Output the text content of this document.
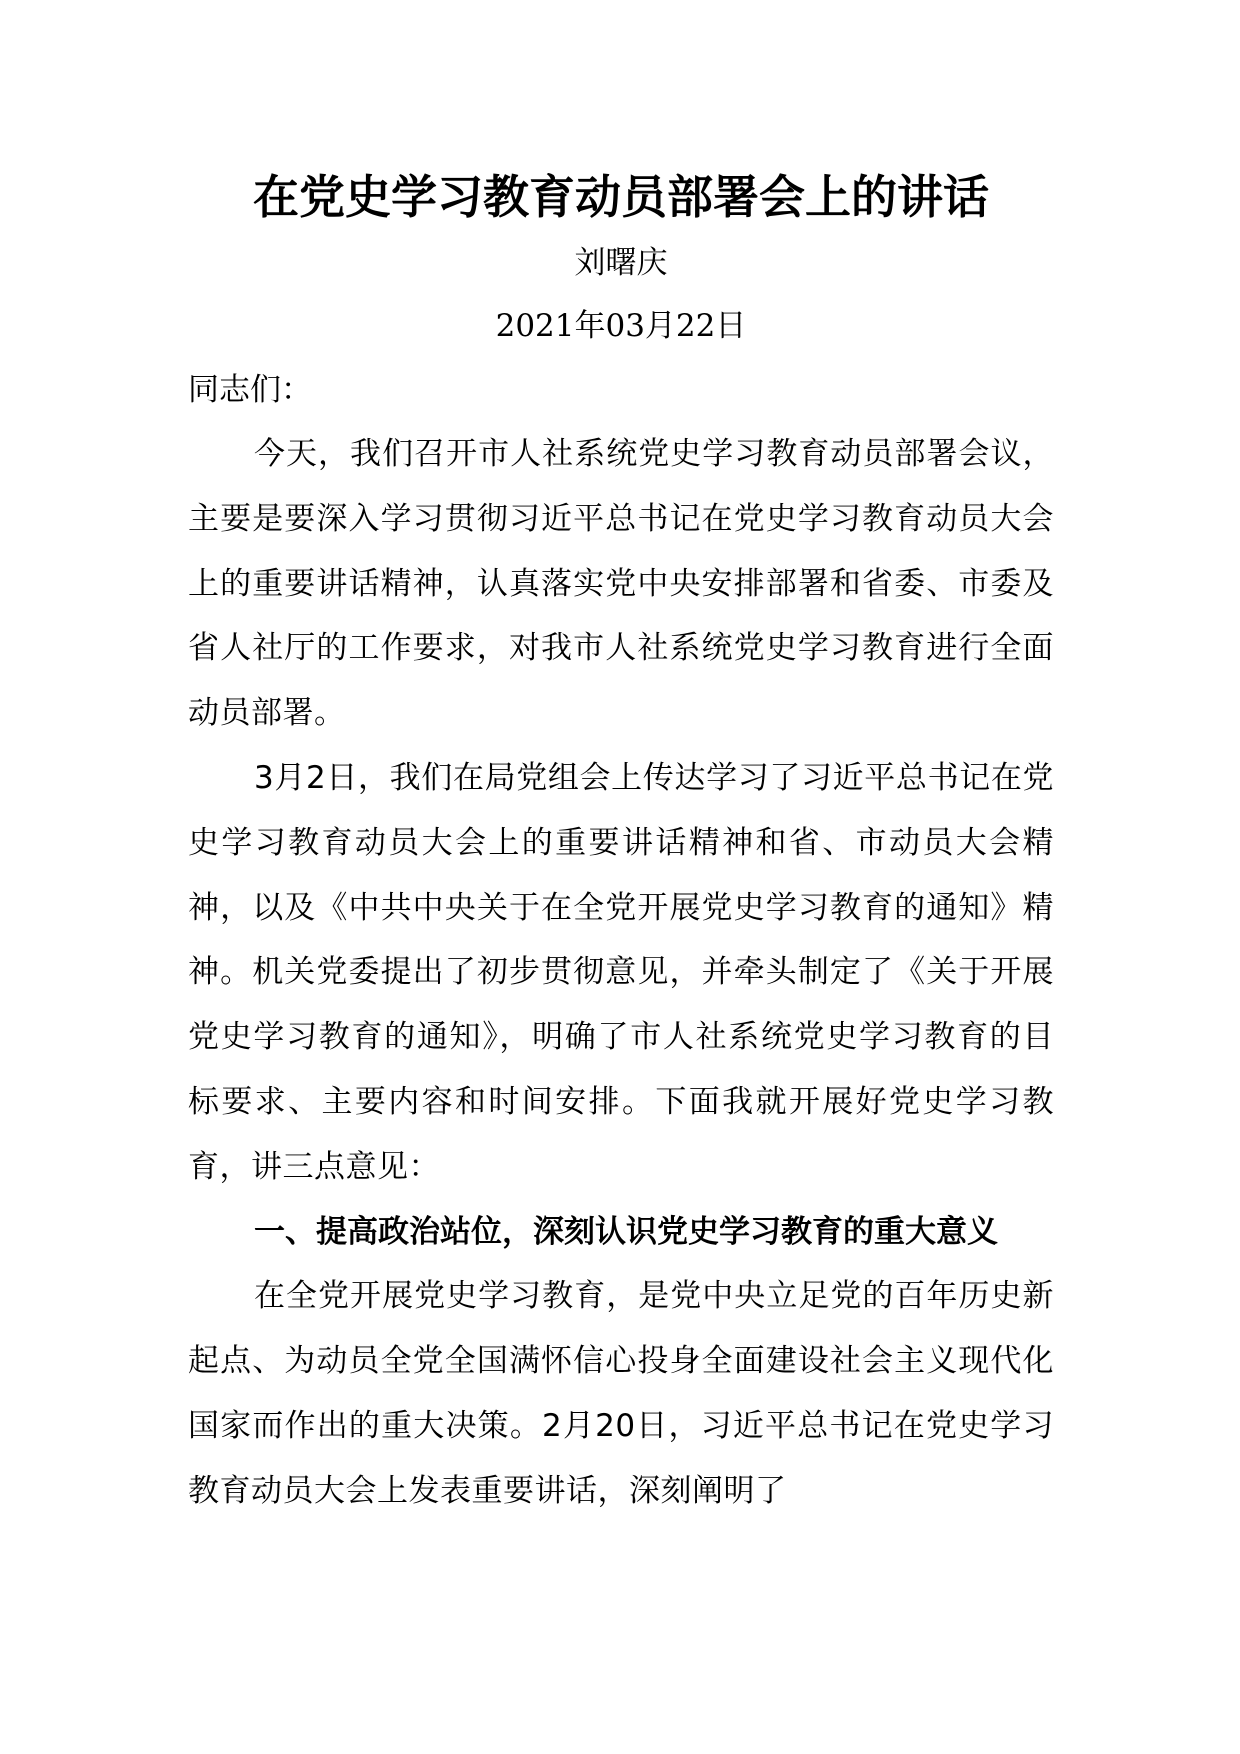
在党史学习教育动员部署会上的讲话

刘曙庆

2021年03月22日

同志们：

今天，我们召开市人社系统党史学习教育动员部署会议，主要是要深入学习贯彻习近平总书记在党史学习教育动员大会上的重要讲话精神，认真落实党中央安排部署和省委、市委及省人社厅的工作要求，对我市人社系统党史学习教育进行全面动员部署。

3月2日，我们在局党组会上传达学习了习近平总书记在党史学习教育动员大会上的重要讲话精神和省、市动员大会精神，以及《中共中央关于在全党开展党史学习教育的通知》精神。机关党委提出了初步贯彻意见，并牵头制定了《关于开展党史学习教育的通知》，明确了市人社系统党史学习教育的目标要求、主要内容和时间安排。下面我就开展好党史学习教育，讲三点意见：

一、提高政治站位，深刻认识党史学习教育的重大意义

在全党开展党史学习教育，是党中央立足党的百年历史新起点、为动员全党全国满怀信心投身全面建设社会主义现代化国家而作出的重大决策。2月20日，习近平总书记在党史学习教育动员大会上发表重要讲话，深刻阐明了
